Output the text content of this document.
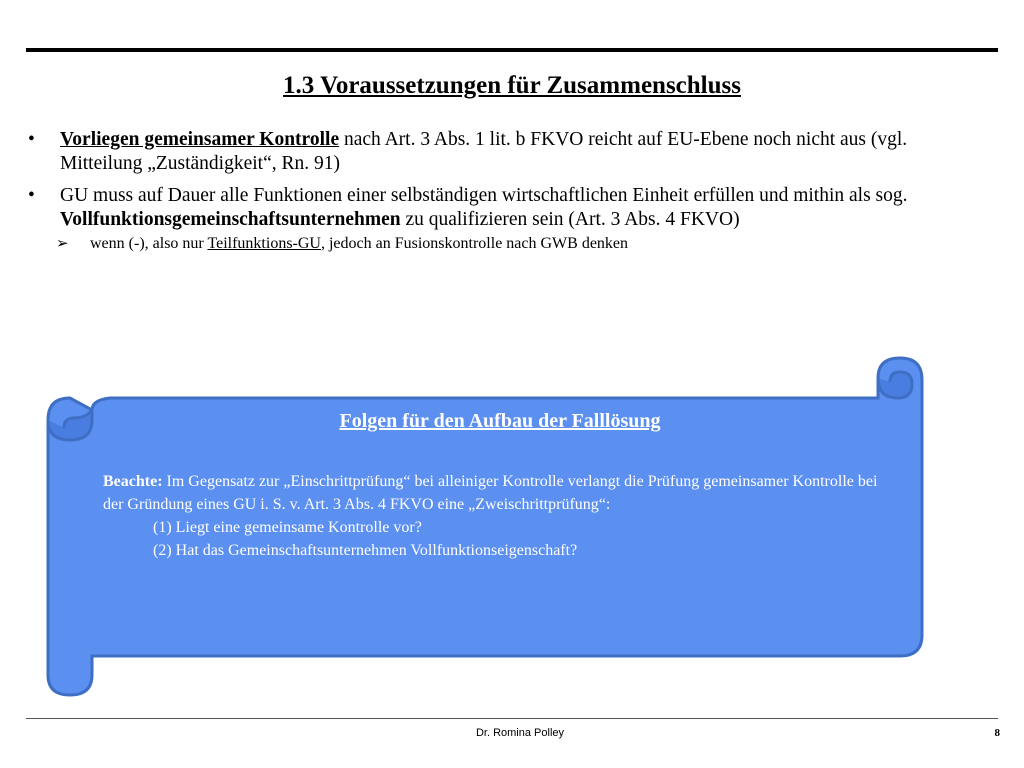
1.3 Voraussetzungen für Zusammenschluss
• Vorliegen gemeinsamer Kontrolle nach Art. 3 Abs. 1 lit. b FKVO reicht auf EU-Ebene noch nicht aus (vgl. Mitteilung „Zuständigkeit“, Rn. 91)
• GU muss auf Dauer alle Funktionen einer selbständigen wirtschaftlichen Einheit erfüllen und mithin als sog. Vollfunktionsgemeinschaftsunternehmen zu qualifizieren sein (Art. 3 Abs. 4 FKVO)
➢ wenn (-), also nur Teilfunktions-GU, jedoch an Fusionskontrolle nach GWB denken
Folgen für den Aufbau der Falllösung
Beachte: Im Gegensatz zur „Einschrittprüfung“ bei alleiniger Kontrolle verlangt die Prüfung gemeinsamer Kontrolle bei der Gründung eines GU i. S. v. Art. 3 Abs. 4 FKVO eine „Zweischrittprüfung“:
(1) Liegt eine gemeinsame Kontrolle vor?
(2) Hat das Gemeinschaftsunternehmen Vollfunktionseigenschaft?
Dr. Romina Polley	8
